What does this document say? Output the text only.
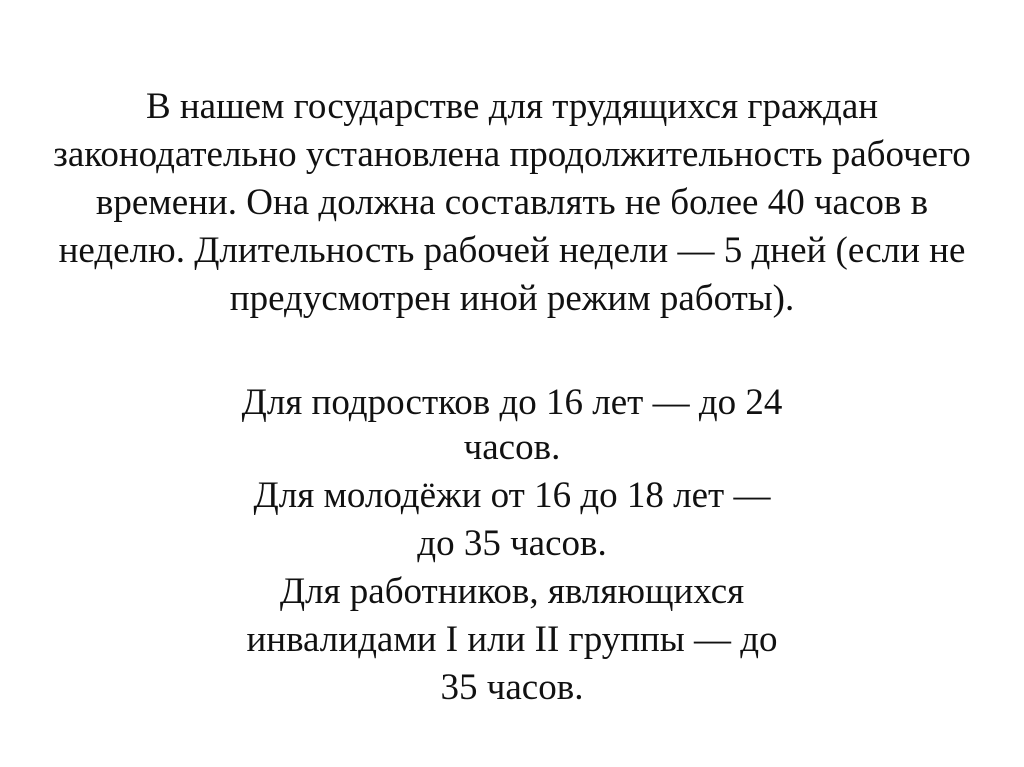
В нашем государстве для трудящихся граждан
законодательно установлена продолжительность рабочего
времени. Она должна составлять не более 40 часов в
неделю. Длительность рабочей недели — 5 дней (если не
предусмотрен иной режим работы).
Для подростков до 16 лет — до 24
часов.
Для молодёжи от 16 до 18 лет —
до 35 часов.
Для работников, являющихся
инвалидами I или II группы — до
35 часов.
